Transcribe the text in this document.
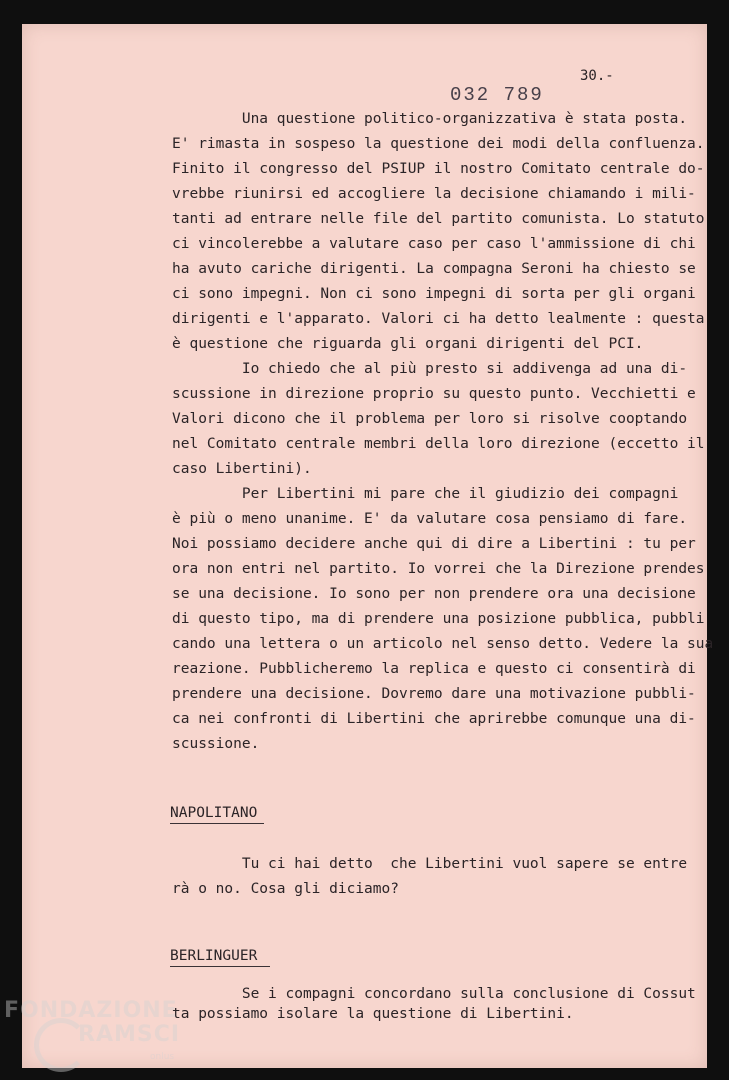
30.-
032 789

Una questione politico-organizzativa è stata posta.

E' rimasta in sospeso la questione dei modi della confluenza.

Finito il congresso del PSIUP il nostro Comitato centrale do-

vrebbe riunirsi ed accogliere la decisione chiamando i mili-

tanti ad entrare nelle file del partito comunista. Lo statuto

ci vincolerebbe a valutare caso per caso l'ammissione di chi

ha avuto cariche dirigenti. La compagna Seroni ha chiesto se

ci sono impegni. Non ci sono impegni di sorta per gli organi

dirigenti e l'apparato. Valori ci ha detto lealmente : questa

è questione che riguarda gli organi dirigenti del PCI.

Io chiedo che al più presto si addivenga ad una di-

scussione in direzione proprio su questo punto. Vecchietti e

Valori dicono che il problema per loro si risolve cooptando

nel Comitato centrale membri della loro direzione (eccetto il

caso Libertini).

Per Libertini mi pare che il giudizio dei compagni

è più o meno unanime. E' da valutare cosa pensiamo di fare.

Noi possiamo decidere anche qui di dire a Libertini : tu per

ora non entri nel partito. Io vorrei che la Direzione prendes

se una decisione. Io sono per non prendere ora una decisione

di questo tipo, ma di prendere una posizione pubblica, pubbli

cando una lettera o un articolo nel senso detto. Vedere la sua

reazione. Pubblicheremo la replica e questo ci consentirà di

prendere una decisione. Dovremo dare una motivazione pubbli-

ca nei confronti di Libertini che aprirebbe comunque una di-

scussione.

NAPOLITANO

Tu ci hai detto  che Libertini vuol sapere se entre

rà o no. Cosa gli diciamo?

BERLINGUER

Se i compagni concordano sulla conclusione di Cossut

ta possiamo isolare la questione di Libertini.

FONDAZIONE
RAMSCI
onlus
